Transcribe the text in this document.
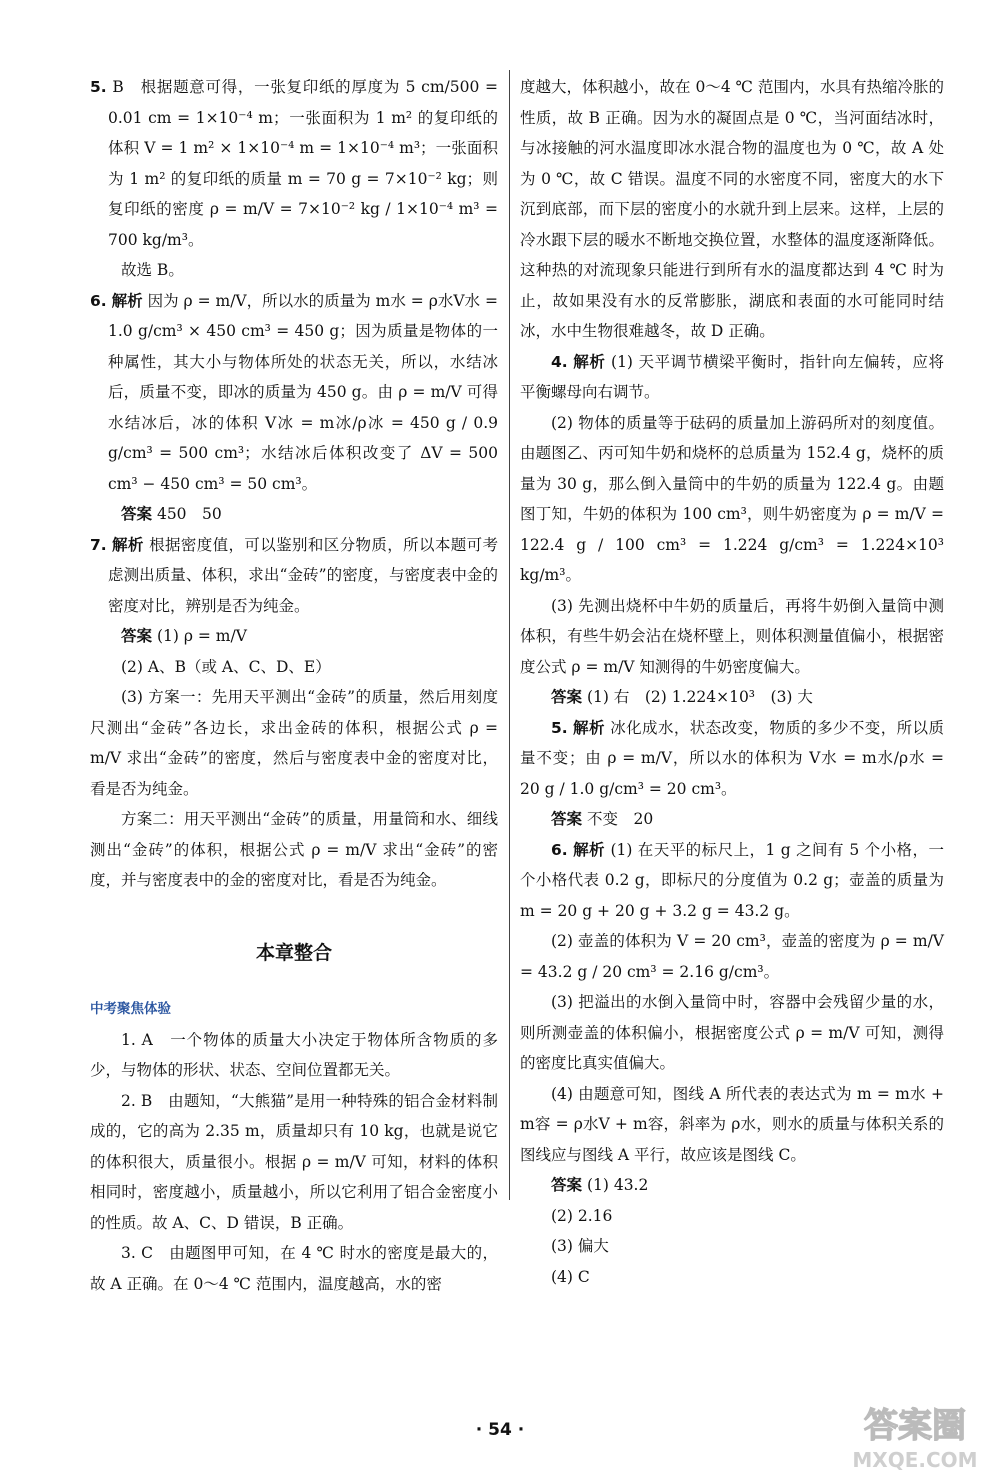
5. B　根据题意可得，一张复印纸的厚度为 5 cm/500 = 0.01 cm = 1×10⁻⁴ m；一张面积为 1 m² 的复印纸的体积 V = 1 m² × 1×10⁻⁴ m = 1×10⁻⁴ m³；一张面积为 1 m² 的复印纸的质量 m = 70 g = 7×10⁻² kg；则复印纸的密度 ρ = m/V = 7×10⁻² kg / 1×10⁻⁴ m³ = 700 kg/m³。

故选 B。

6. 解析 因为 ρ = m/V，所以水的质量为 m水 = ρ水V水 = 1.0 g/cm³ × 450 cm³ = 450 g；因为质量是物体的一种属性，其大小与物体所处的状态无关，所以，水结冰后，质量不变，即冰的质量为 450 g。由 ρ = m/V 可得水结冰后，冰的体积 V冰 = m冰/ρ冰 = 450 g / 0.9 g/cm³ = 500 cm³；水结冰后体积改变了 ΔV = 500 cm³ − 450 cm³ = 50 cm³。

答案 450　50

7. 解析 根据密度值，可以鉴别和区分物质，所以本题可考虑测出质量、体积，求出“金砖”的密度，与密度表中金的密度对比，辨别是否为纯金。

答案 (1) ρ = m/V

(2) A、B（或 A、C、D、E）

(3) 方案一：先用天平测出“金砖”的质量，然后用刻度尺测出“金砖”各边长，求出金砖的体积，根据公式 ρ = m/V 求出“金砖”的密度，然后与密度表中金的密度对比，看是否为纯金。

方案二：用天平测出“金砖”的质量，用量筒和水、细线测出“金砖”的体积，根据公式 ρ = m/V 求出“金砖”的密度，并与密度表中的金的密度对比，看是否为纯金。

本章整合
中考聚焦体验

1. A　一个物体的质量大小决定于物体所含物质的多少，与物体的形状、状态、空间位置都无关。

2. B　由题知，“大熊猫”是用一种特殊的铝合金材料制成的，它的高为 2.35 m，质量却只有 10 kg，也就是说它的体积很大，质量很小。根据 ρ = m/V 可知，材料的体积相同时，密度越小，质量越小，所以它利用了铝合金密度小的性质。故 A、C、D 错误，B 正确。

3. C　由题图甲可知，在 4 ℃ 时水的密度是最大的，故 A 正确。在 0～4 ℃ 范围内，温度越高，水的密

度越大，体积越小，故在 0～4 ℃ 范围内，水具有热缩冷胀的性质，故 B 正确。因为水的凝固点是 0 ℃，当河面结冰时，与冰接触的河水温度即冰水混合物的温度也为 0 ℃，故 A 处为 0 ℃，故 C 错误。温度不同的水密度不同，密度大的水下沉到底部，而下层的密度小的水就升到上层来。这样，上层的冷水跟下层的暖水不断地交换位置，水整体的温度逐渐降低。这种热的对流现象只能进行到所有水的温度都达到 4 ℃ 时为止，故如果没有水的反常膨胀，湖底和表面的水可能同时结冰，水中生物很难越冬，故 D 正确。

4. 解析 (1) 天平调节横梁平衡时，指针向左偏转，应将平衡螺母向右调节。

(2) 物体的质量等于砝码的质量加上游码所对的刻度值。由题图乙、丙可知牛奶和烧杯的总质量为 152.4 g，烧杯的质量为 30 g，那么倒入量筒中的牛奶的质量为 122.4 g。由题图丁知，牛奶的体积为 100 cm³，则牛奶密度为 ρ = m/V = 122.4 g / 100 cm³ = 1.224 g/cm³ = 1.224×10³ kg/m³。

(3) 先测出烧杯中牛奶的质量后，再将牛奶倒入量筒中测体积，有些牛奶会沾在烧杯壁上，则体积测量值偏小，根据密度公式 ρ = m/V 知测得的牛奶密度偏大。

答案 (1) 右　(2) 1.224×10³　(3) 大

5. 解析 冰化成水，状态改变，物质的多少不变，所以质量不变；由 ρ = m/V，所以水的体积为 V水 = m水/ρ水 = 20 g / 1.0 g/cm³ = 20 cm³。

答案 不变　20

6. 解析 (1) 在天平的标尺上，1 g 之间有 5 个小格，一个小格代表 0.2 g，即标尺的分度值为 0.2 g；壶盖的质量为 m = 20 g + 20 g + 3.2 g = 43.2 g。

(2) 壶盖的体积为 V = 20 cm³，壶盖的密度为 ρ = m/V = 43.2 g / 20 cm³ = 2.16 g/cm³。

(3) 把溢出的水倒入量筒中时，容器中会残留少量的水，则所测壶盖的体积偏小，根据密度公式 ρ = m/V 可知，测得的密度比真实值偏大。

(4) 由题意可知，图线 A 所代表的表达式为 m = m水 + m容 = ρ水V + m容，斜率为 ρ水，则水的质量与体积关系的图线应与图线 A 平行，故应该是图线 C。

答案 (1) 43.2

(2) 2.16

(3) 偏大

(4) C

· 54 ·	答案圈
MXQE.COM
